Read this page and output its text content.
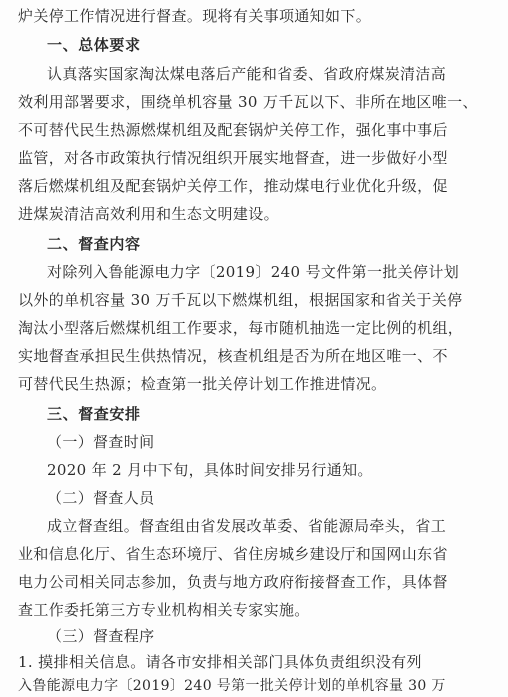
炉关停工作情况进行督查。现将有关事项通知如下。
一、总体要求
认真落实国家淘汰煤电落后产能和省委、省政府煤炭清洁高
效利用部署要求，围绕单机容量 30 万千瓦以下、非所在地区唯一、
不可替代民生热源燃煤机组及配套锅炉关停工作，强化事中事后
监管，对各市政策执行情况组织开展实地督查，进一步做好小型
落后燃煤机组及配套锅炉关停工作，推动煤电行业优化升级，促
进煤炭清洁高效利用和生态文明建设。
二、督查内容
对除列入鲁能源电力字〔2019〕240 号文件第一批关停计划
以外的单机容量 30 万千瓦以下燃煤机组，根据国家和省关于关停
淘汰小型落后燃煤机组工作要求，每市随机抽选一定比例的机组，
实地督查承担民生供热情况，核查机组是否为所在地区唯一、不
可替代民生热源；检查第一批关停计划工作推进情况。
三、督查安排
（一）督查时间
2020 年 2 月中下旬，具体时间安排另行通知。
（二）督查人员
成立督查组。督查组由省发展改革委、省能源局牵头，省工
业和信息化厅、省生态环境厅、省住房城乡建设厅和国网山东省
电力公司相关同志参加，负责与地方政府衔接督查工作，具体督
查工作委托第三方专业机构相关专家实施。
（三）督查程序
1. 摸排相关信息。请各市安排相关部门具体负责组织没有列
入鲁能源电力字〔2019〕240 号第一批关停计划的单机容量 30 万
